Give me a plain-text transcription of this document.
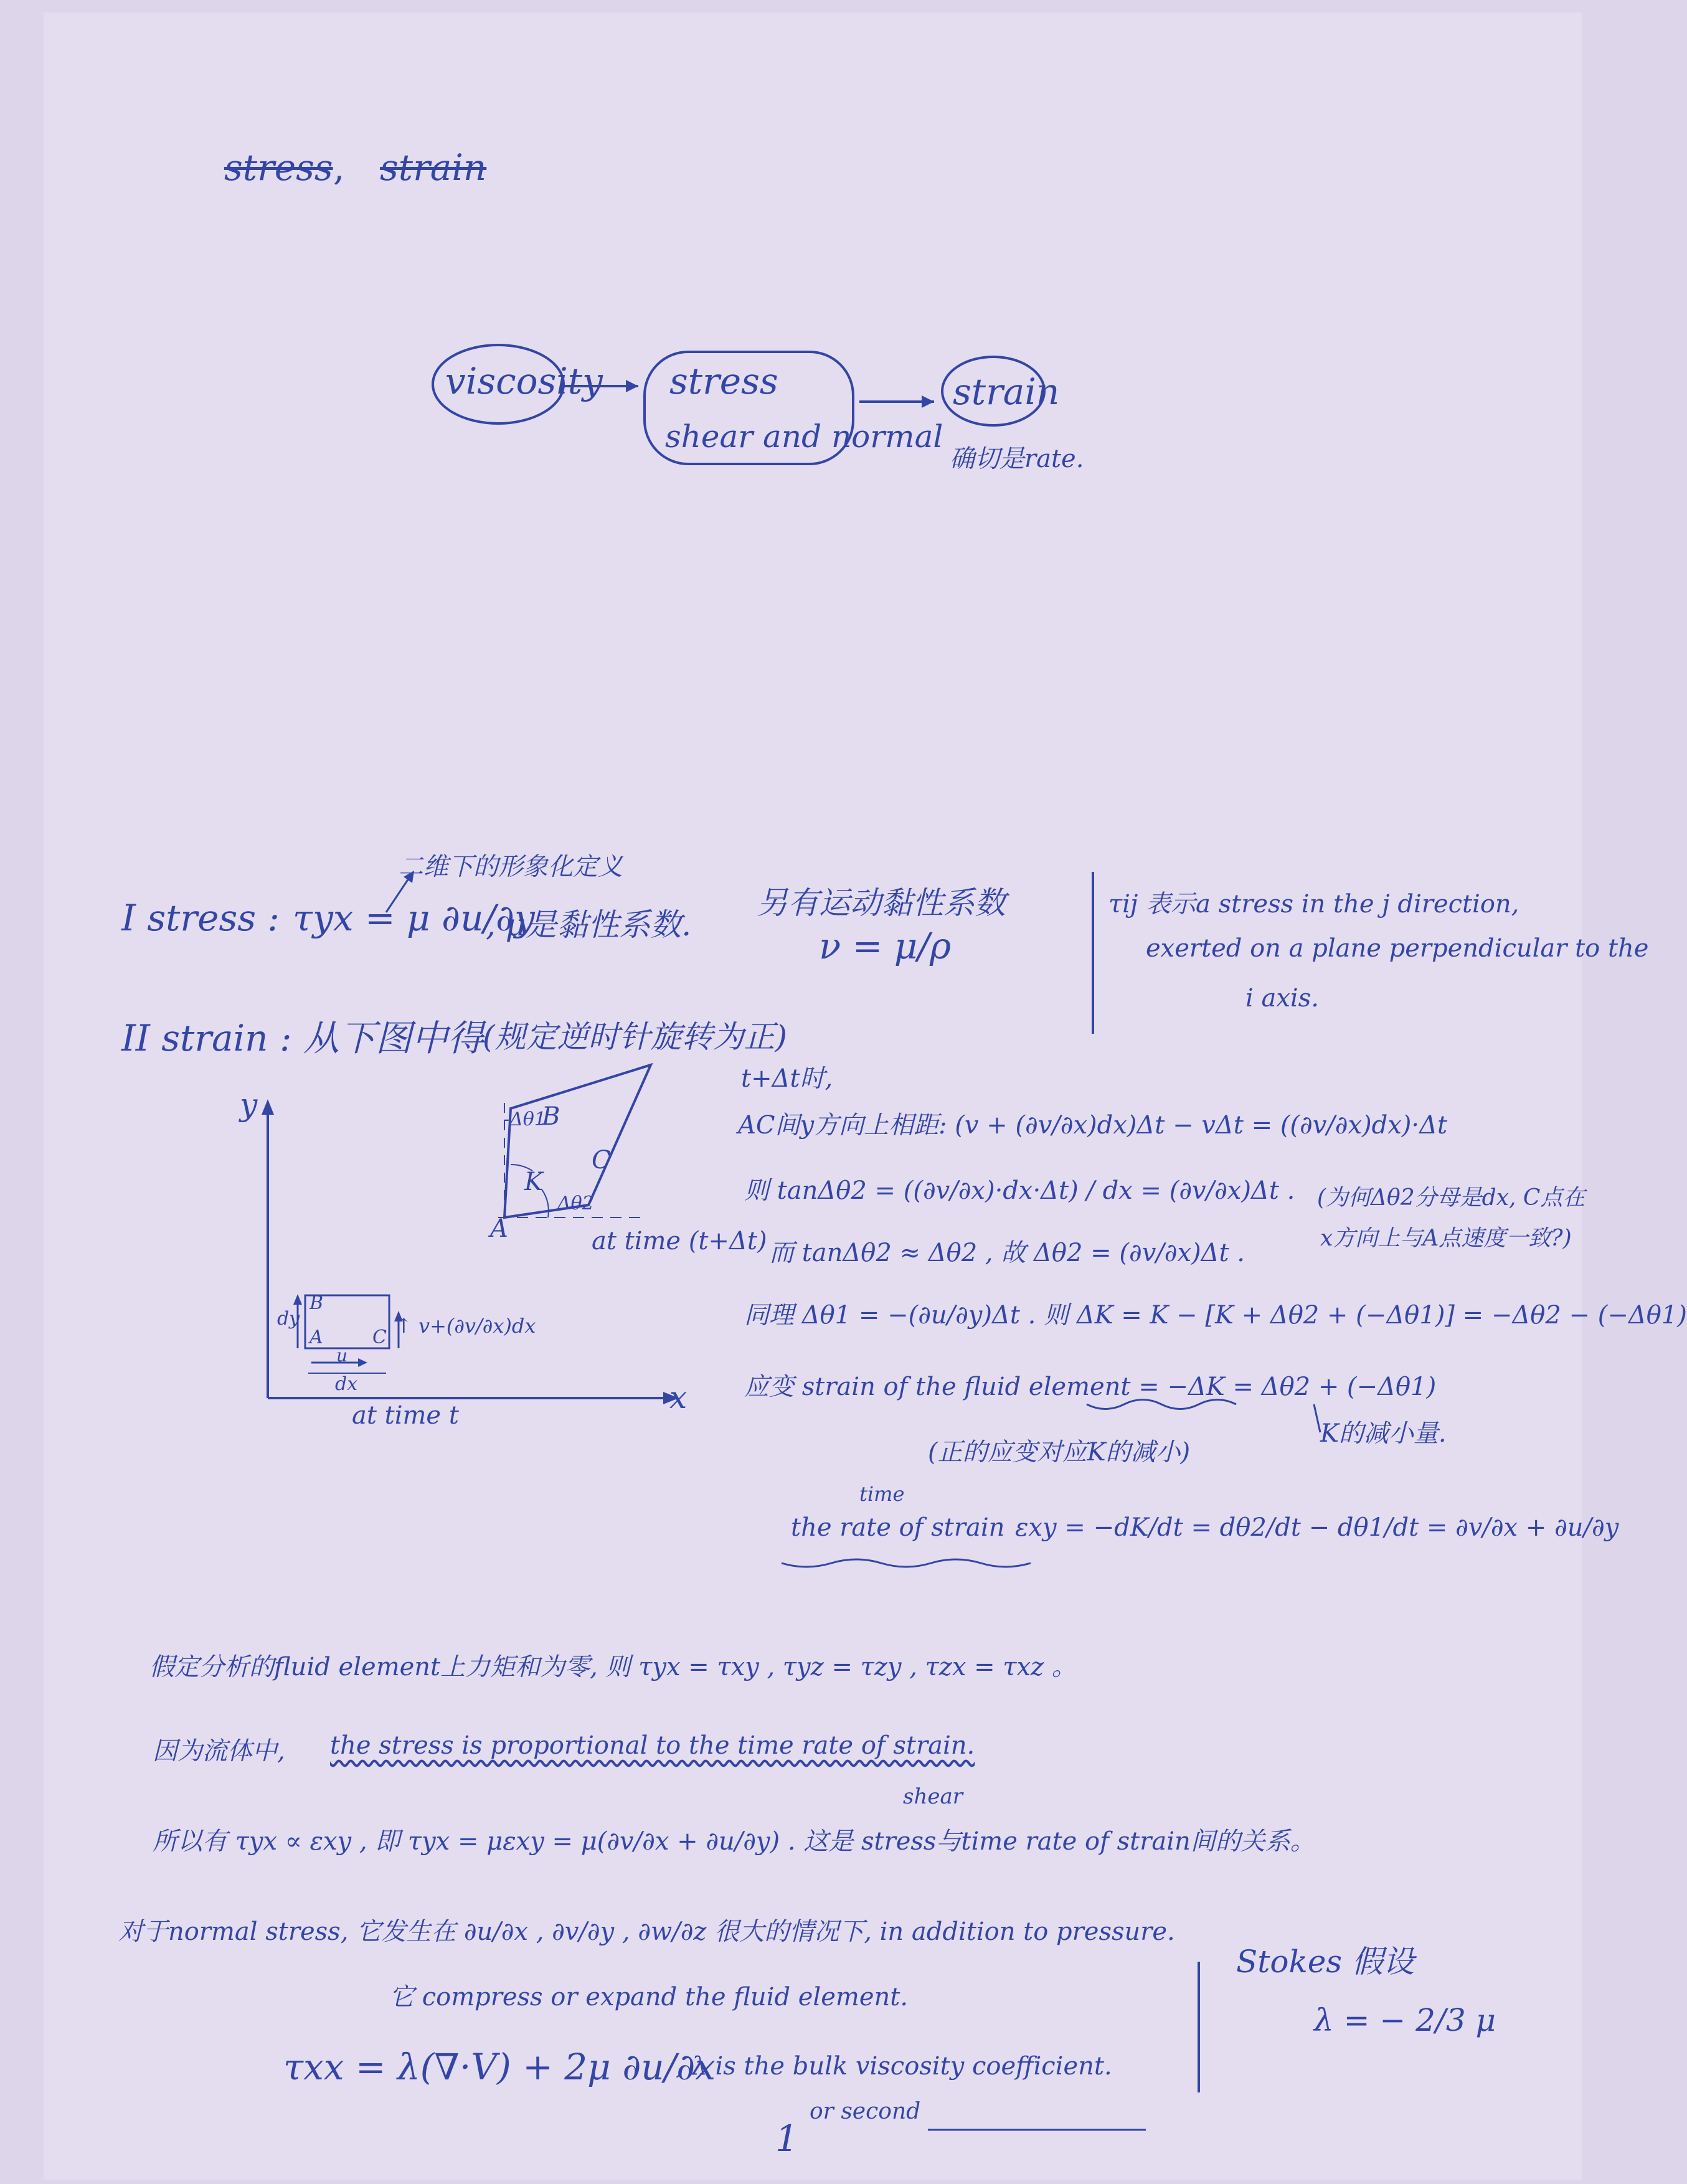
stress , strain
viscosity stress
shear and normal
strain
确切是rate.
二维下的形象化定义
I stress : τyx = μ ∂u/∂y
, μ是黏性系数.
另有运动黏性系数
ν = μ/ρ
τij 表示a stress in the j direction,
exerted on a plane perpendicular to the
i axis.
II strain : 从下图中得
(规定逆时针旋转为正)
y
x
at time t
at time (t+Δt)
A
B
C
K
-Δθ1
Δθ2
B
A	C
dy
dx
u
↑ v+(∂v/∂x)dx
t+Δt时,
AC间y方向上相距: (v + (∂v/∂x)dx)Δt − vΔt = ((∂v/∂x)dx)·Δt
则 tanΔθ2 = ((∂v/∂x)·dx·Δt) / dx = (∂v/∂x)Δt . (为何Δθ2分母是dx, C点在
x方向上与A点速度一致?)
而 tanΔθ2 ≈ Δθ2 , 故 Δθ2 = (∂v/∂x)Δt .
同理 Δθ1 = −(∂u/∂y)Δt . 则 ΔK = K − [K + Δθ2 + (−Δθ1)] = −Δθ2 − (−Δθ1)
应变 strain of the fluid element = −ΔK = Δθ2 + (−Δθ1)
K的减小量.
(正的应变对应K的减小)
time
the rate of strain εxy = −dK/dt = dθ2/dt − dθ1/dt = ∂v/∂x + ∂u/∂y
假定分析的fluid element上力矩和为零, 则 τyx = τxy , τyz = τzy , τzx = τxz 。
因为流体中, the stress is proportional to the time rate of strain.
shear
所以有 τyx ∝ εxy , 即 τyx = μεxy = μ(∂v/∂x + ∂u/∂y) . 这是 stress与time rate of strain间的关系。
对于normal stress, 它发生在 ∂u/∂x , ∂v/∂y , ∂w/∂z 很大的情况下, in addition to pressure.
它 compress or expand the fluid element.
τxx = λ(∇·V) + 2μ ∂u/∂x
, λ is the bulk viscosity coefficient.
or second
Stokes 假设
λ = − 2/3 μ
1
